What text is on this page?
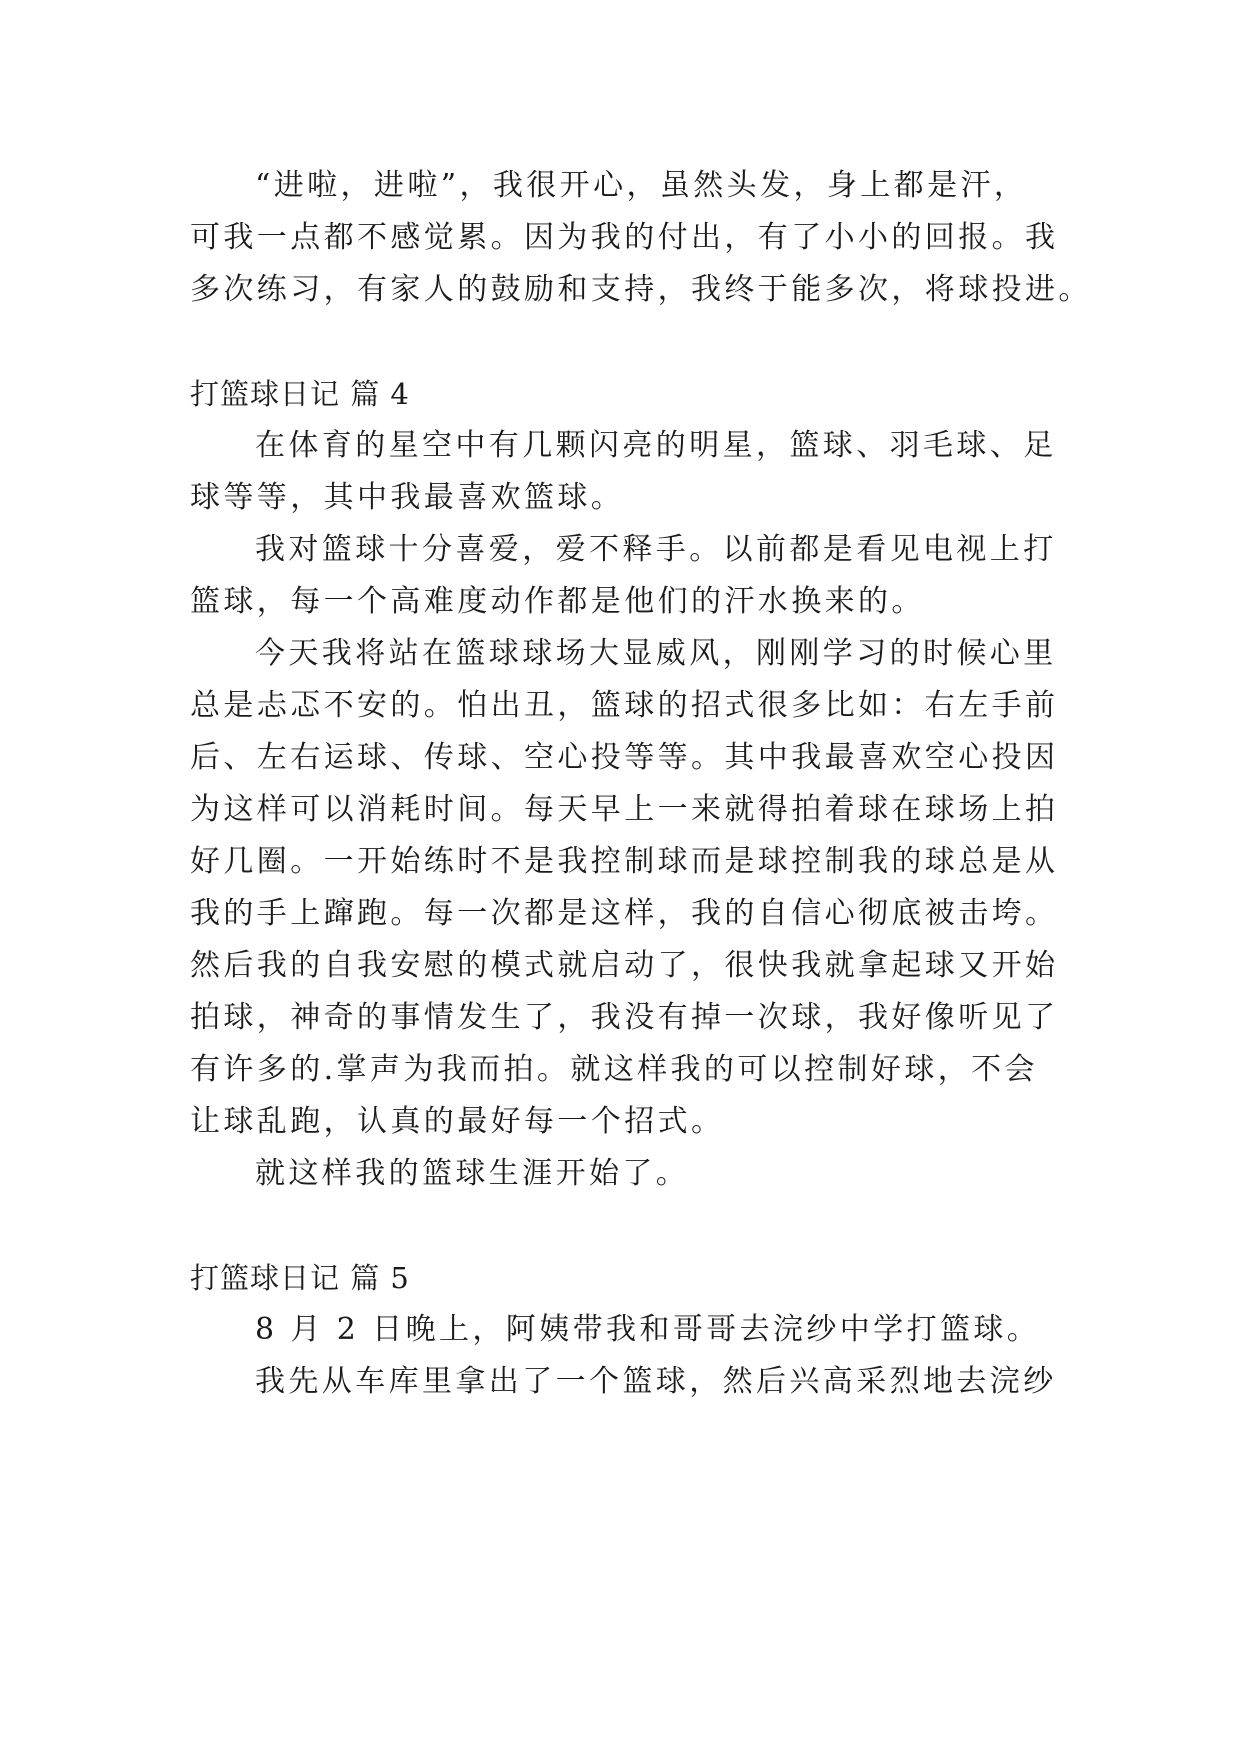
“进啦，进啦”，我很开心，虽然头发，身上都是汗，
可我一点都不感觉累。因为我的付出，有了小小的回报。我
多次练习，有家人的鼓励和支持，我终于能多次，将球投进。
打篮球日记 篇 4
在体育的星空中有几颗闪亮的明星，篮球、羽毛球、足
球等等，其中我最喜欢篮球。
我对篮球十分喜爱，爱不释手。以前都是看见电视上打
篮球，每一个高难度动作都是他们的汗水换来的。
今天我将站在篮球球场大显威风，刚刚学习的时候心里
总是忐忑不安的。怕出丑，篮球的招式很多比如：右左手前
后、左右运球、传球、空心投等等。其中我最喜欢空心投因
为这样可以消耗时间。每天早上一来就得拍着球在球场上拍
好几圈。一开始练时不是我控制球而是球控制我的球总是从
我的手上蹿跑。每一次都是这样，我的自信心彻底被击垮。
然后我的自我安慰的模式就启动了，很快我就拿起球又开始
拍球，神奇的事情发生了，我没有掉一次球，我好像听见了
有许多的.掌声为我而拍。就这样我的可以控制好球，不会
让球乱跑，认真的最好每一个招式。
就这样我的篮球生涯开始了。
打篮球日记 篇 5
8 月 2 日晚上，阿姨带我和哥哥去浣纱中学打篮球。
我先从车库里拿出了一个篮球，然后兴高采烈地去浣纱
